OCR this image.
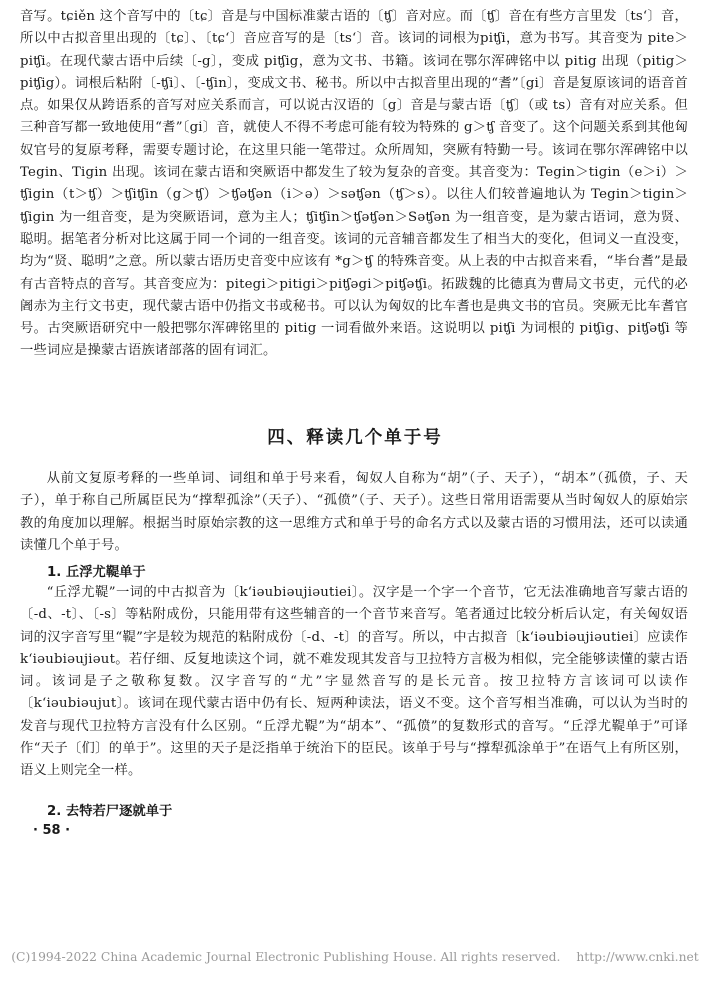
音写。tɕiěn 这个音写中的〔tɕ〕音是与中国标准蒙古语的〔ʧ〕音对应。而〔ʧ〕音在有些方言里发〔tsʻ〕音，所以中古拟音里出现的〔tɕ〕、〔tɕʻ〕音应音写的是〔tsʻ〕音。该词的词根为piʧi，意为书写。其音变为 pite＞piʧi。在现代蒙古语中后续〔-g〕，变成 piʧig，意为文书、书籍。该词在鄂尔浑碑铭中以 pitig 出现（pitig＞piʧig）。词根后粘附〔-ʧi〕、〔-ʧin〕，变成文书、秘书。所以中古拟音里出现的“耆”〔gi〕音是复原该词的语音首点。如果仅从跨语系的音写对应关系而言，可以说古汉语的〔g〕音是与蒙古语〔ʧ〕（或 ts）音有对应关系。但三种音写都一致地使用“耆”〔gi〕音，就使人不得不考虑可能有较为特殊的 g＞ʧ 音变了。这个问题关系到其他匈奴官号的复原考释，需要专题讨论，在这里只能一笔带过。众所周知，突厥有特勤一号。该词在鄂尔浑碑铭中以 Tegin、Tigin 出现。该词在蒙古语和突厥语中都发生了较为复杂的音变。其音变为：Tegin＞tigin（e＞i）＞ʧigin（t＞ʧ）＞ʧiʧin（g＞ʧ）＞ʧəʧən（i＞ə）＞səʧən（ʧ＞s）。以往人们较普遍地认为 Tegin＞tigin＞ʧigin 为一组音变，是为突厥语词，意为主人；ʧiʧin＞ʧəʧən＞Səʧən 为一组音变，是为蒙古语词，意为贤、聪明。据笔者分析对比这属于同一个词的一组音变。该词的元音辅音都发生了相当大的变化，但词义一直没变，均为“贤、聪明”之意。所以蒙古语历史音变中应该有 *g＞ʧ 的特殊音变。从上表的中古拟音来看，“毕台耆”是最有古音特点的音写。其音变应为：pitegi＞pitigi＞piʧəgi＞piʧəʧi。拓跋魏的比德真为曹局文书吏，元代的必阇赤为主行文书吏，现代蒙古语中仍指文书或秘书。可以认为匈奴的比车耆也是典文书的官员。突厥无比车耆官号。古突厥语研究中一般把鄂尔浑碑铭里的 pitig 一词看做外来语。这说明以 piʧi 为词根的 piʧig、piʧəʧi 等一些词应是操蒙古语族诸部落的固有词汇。

四、释读几个单于号

从前文复原考释的一些单词、词组和单于号来看，匈奴人自称为“胡”（子、天子），“胡本”（孤偾，子、天子），单于称自己所属臣民为“撑犁孤涂”（天子）、“孤偾”（子、天子）。这些日常用语需要从当时匈奴人的原始宗教的角度加以理解。根据当时原始宗教的这一思维方式和单于号的命名方式以及蒙古语的习惯用法，还可以读通读懂几个单于号。

1. 丘浮尤鞮单于

“丘浮尤鞮”一词的中古拟音为〔kʻiəubiəujiəutiei〕。汉字是一个字一个音节，它无法准确地音写蒙古语的〔-d、-t〕、〔-s〕等粘附成份，只能用带有这些辅音的一个音节来音写。笔者通过比较分析后认定，有关匈奴语词的汉字音写里“鞮”字是较为规范的粘附成份〔-d、-t〕的音写。所以，中古拟音〔kʻiəubiəujiəutiei〕应读作 kʻiəubiəujiəut。若仔细、反复地读这个词，就不难发现其发音与卫拉特方言极为相似，完全能够读懂的蒙古语词。该词是子之敬称复数。汉字音写的“尤”字显然音写的是长元音。按卫拉特方言该词可以读作〔kʻiəubiəujut〕。该词在现代蒙古语中仍有长、短两种读法，语义不变。这个音写相当准确，可以认为当时的发音与现代卫拉特方言没有什么区别。“丘浮尤鞮”为“胡本”、“孤偾”的复数形式的音写。“丘浮尤鞮单于”可译作“天子〔们〕的单于”。这里的天子是泛指单于统治下的臣民。该单于号与“撑犁孤涂单于”在语气上有所区别，语义上则完全一样。

2. 去特若尸逐就单于
· 58 ·
(C)1994-2022 China Academic Journal Electronic Publishing House. All rights reserved. http://www.cnki.net
